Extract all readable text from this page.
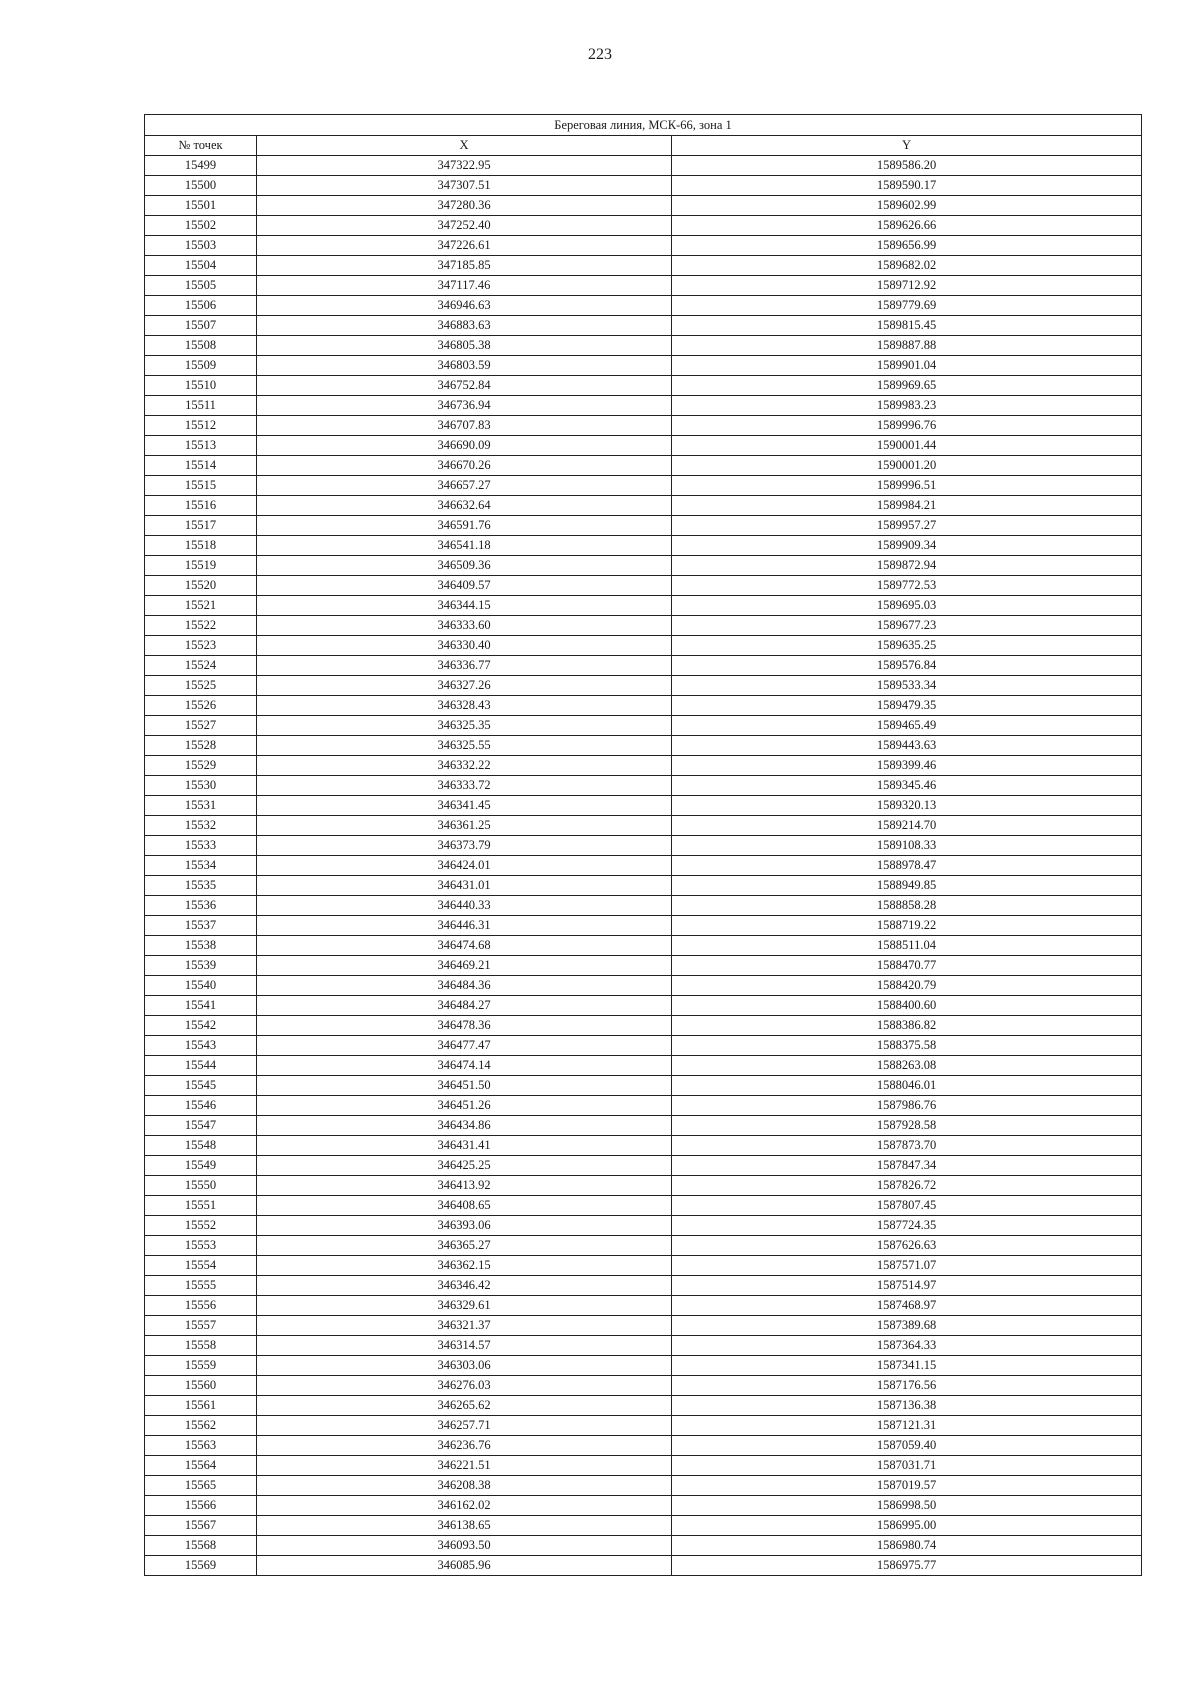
223
Береговая линия, МСК-66, зона 1		
№ точек	X	Y
15499	347322.95	1589586.20
15500	347307.51	1589590.17
15501	347280.36	1589602.99
15502	347252.40	1589626.66
15503	347226.61	1589656.99
15504	347185.85	1589682.02
15505	347117.46	1589712.92
15506	346946.63	1589779.69
15507	346883.63	1589815.45
15508	346805.38	1589887.88
15509	346803.59	1589901.04
15510	346752.84	1589969.65
15511	346736.94	1589983.23
15512	346707.83	1589996.76
15513	346690.09	1590001.44
15514	346670.26	1590001.20
15515	346657.27	1589996.51
15516	346632.64	1589984.21
15517	346591.76	1589957.27
15518	346541.18	1589909.34
15519	346509.36	1589872.94
15520	346409.57	1589772.53
15521	346344.15	1589695.03
15522	346333.60	1589677.23
15523	346330.40	1589635.25
15524	346336.77	1589576.84
15525	346327.26	1589533.34
15526	346328.43	1589479.35
15527	346325.35	1589465.49
15528	346325.55	1589443.63
15529	346332.22	1589399.46
15530	346333.72	1589345.46
15531	346341.45	1589320.13
15532	346361.25	1589214.70
15533	346373.79	1589108.33
15534	346424.01	1588978.47
15535	346431.01	1588949.85
15536	346440.33	1588858.28
15537	346446.31	1588719.22
15538	346474.68	1588511.04
15539	346469.21	1588470.77
15540	346484.36	1588420.79
15541	346484.27	1588400.60
15542	346478.36	1588386.82
15543	346477.47	1588375.58
15544	346474.14	1588263.08
15545	346451.50	1588046.01
15546	346451.26	1587986.76
15547	346434.86	1587928.58
15548	346431.41	1587873.70
15549	346425.25	1587847.34
15550	346413.92	1587826.72
15551	346408.65	1587807.45
15552	346393.06	1587724.35
15553	346365.27	1587626.63
15554	346362.15	1587571.07
15555	346346.42	1587514.97
15556	346329.61	1587468.97
15557	346321.37	1587389.68
15558	346314.57	1587364.33
15559	346303.06	1587341.15
15560	346276.03	1587176.56
15561	346265.62	1587136.38
15562	346257.71	1587121.31
15563	346236.76	1587059.40
15564	346221.51	1587031.71
15565	346208.38	1587019.57
15566	346162.02	1586998.50
15567	346138.65	1586995.00
15568	346093.50	1586980.74
15569	346085.96	1586975.77
